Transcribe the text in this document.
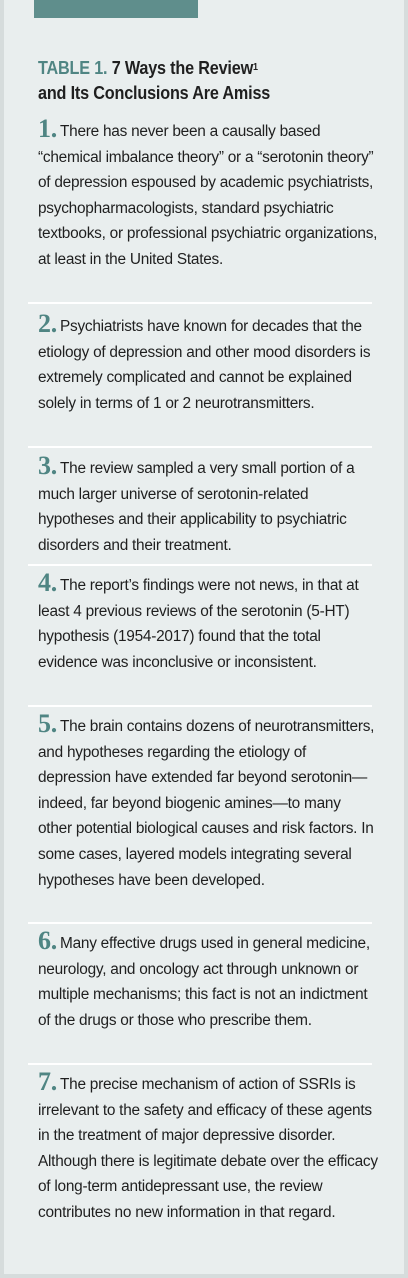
TABLE 1. 7 Ways the Review$^1$
and Its Conclusions Are Amiss
1. There has never been a causally based “chemical imbalance theory” or a “serotonin theory” of depression espoused by academic psychiatrists, psychopharmacologists, standard psychiatric textbooks, or professional psychiatric organizations, at least in the United States.
2. Psychiatrists have known for decades that the etiology of depression and other mood disorders is extremely complicated and cannot be explained solely in terms of 1 or 2 neurotransmitters.
3. The review sampled a very small portion of a much larger universe of serotonin-related hypotheses and their applicability to psychiatric disorders and their treatment.
4. The report’s findings were not news, in that at least 4 previous reviews of the serotonin (5-HT) hypothesis (1954-2017) found that the total evidence was inconclusive or inconsistent.
5. The brain contains dozens of neurotransmitters, and hypotheses regarding the etiology of depression have extended far beyond serotonin—indeed, far beyond biogenic amines—to many other potential biological causes and risk factors. In some cases, layered models integrating several hypotheses have been developed.
6. Many effective drugs used in general medicine, neurology, and oncology act through unknown or multiple mechanisms; this fact is not an indictment of the drugs or those who prescribe them.
7. The precise mechanism of action of SSRIs is irrelevant to the safety and efficacy of these agents in the treatment of major depressive disorder. Although there is legitimate debate over the efficacy of long-term antidepressant use, the review contributes no new information in that regard.
